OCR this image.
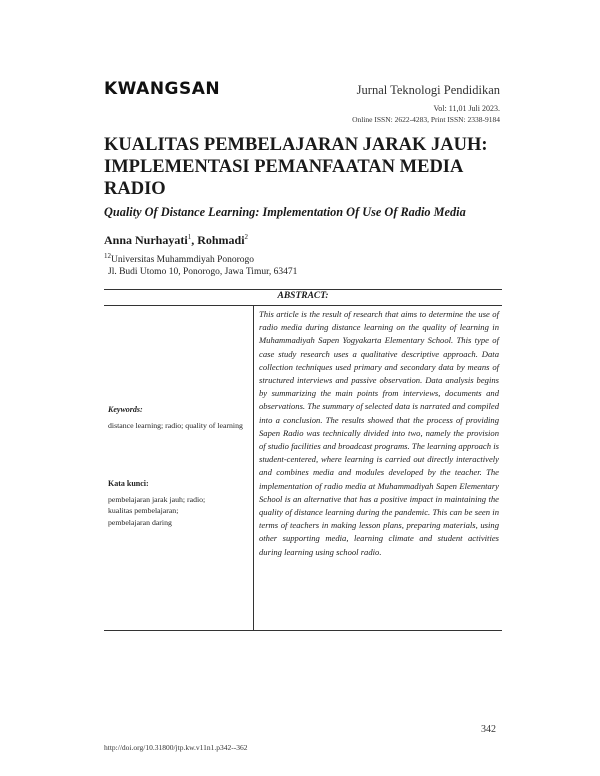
KWANGSAN	Jurnal Teknologi Pendidikan
Vol: 11,01 Juli 2023.
Online ISSN: 2622-4283, Print ISSN: 2338-9184
KUALITAS PEMBELAJARAN JARAK JAUH: IMPLEMENTASI PEMANFAATAN MEDIA RADIO
Quality Of Distance Learning: Implementation Of Use Of Radio Media
Anna Nurhayati$^1$, Rohmadi$^2$
$^{12}$Universitas Muhammdiyah Ponorogo
Jl. Budi Utomo 10, Ponorogo, Jawa Timur, 63471
ABSTRACT:
Keywords:
distance learning; radio; quality of learning
Kata kunci:
pembelajaran jarak jauh; radio;
kualitas pembelajaran;
pembelajaran daring

This article is the result of research that aims to determine the use of radio media during distance learning on the quality of learning in Muhammadiyah Sapen Yogyakarta Elementary School. This type of case study research uses a qualitative descriptive approach. Data collection techniques used primary and secondary data by means of structured interviews and passive observation. Data analysis begins by summarizing the main points from interviews, documents and observations. The summary of selected data is narrated and compiled into a conclusion. The results showed that the process of providing Sapen Radio was technically divided into two, namely the provision of studio facilities and broadcast programs. The learning approach is student-centered, where learning is carried out directly interactively and combines media and modules developed by the teacher. The implementation of radio media at Muhammadiyah Sapen Elementary School is an alternative that has a positive impact in maintaining the quality of distance learning during the pandemic. This can be seen in terms of teachers in making lesson plans, preparing materials, using other supporting media, learning climate and student activities during learning using school radio.

342
http://doi.org/10.31800/jtp.kw.v11n1.p342--362
